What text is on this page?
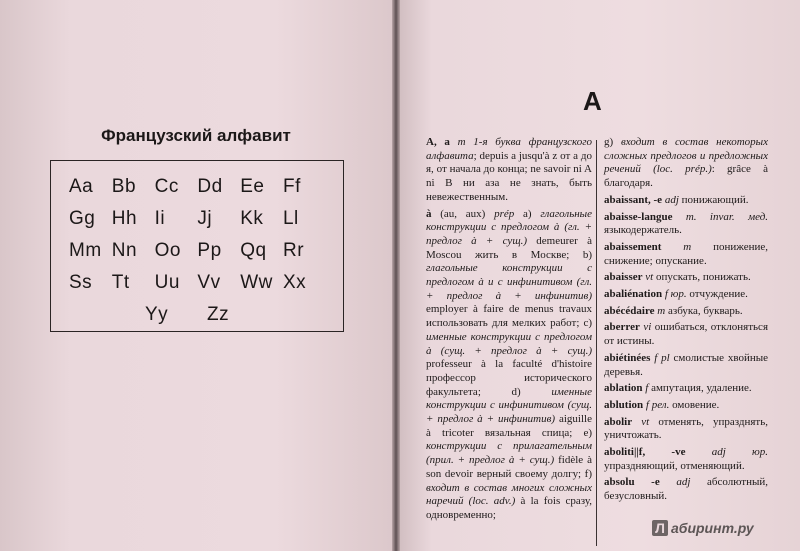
Французский алфавит
Aa Bb Cc Dd Ee Ff
Gg Hh Ii	Jj	Kk	Ll
Mm Nn Oo Pp Qq Rr
Ss	Tt	Uu Vv	Ww Xx
Yy	Zz
A

A, a m 1-я буква французского алфавита; depuis a jusqu'à z от а до я, от начала до конца; ne savoir ni A ni B ни аза не знать, быть невежественным.

à (au, aux) prép a) глагольные конструкции с предлогом à (гл. + предлог à + сущ.) demeurer à Moscou жить в Москве; b) глагольные конструкции с предлогом à и с инфинитивом (гл. + предлог à + инфинитив) employer à faire de menus travaux использовать для мелких работ; c) именные конструкции с предлогом à (сущ. + предлог à + сущ.) professeur à la faculté d'histoire профессор исторического факультета; d) именные конструкции с инфинитивом (сущ. + предлог à + инфинитив) aiguille à tricoter вязальная спица; e) конструкции с прилагательным (прил. + предлог à + сущ.) fidèle à son devoir верный своему долгу; f) входит в состав многих сложных наречий (loc. adv.) à la fois сразу, одновременно;

g) входит в состав некоторых сложных предлогов и предложных речений (loc. prép.): grâce à благодаря.

abaissant, -e adj понижающий.

abaisse-langue m. invar. мед. языкодержатель.

abaissement m понижение, снижение; опускание.

abaisser vt опускать, понижать.

abaliénation f юр. отчуждение.

abécédaire m азбука, букварь.

aberrer vi ошибаться, отклоняться от истины.

abiétinées f pl смолистые хвойные деревья.

ablation f ампутация, удаление.

ablution f рел. омовение.

abolir vt отменять, упразднять, уничтожать.

aboliti||f, -ve adj юр. упраздняющий, отменяющий.

absolu -e adj абсолютный, безусловный.

Л абиринт.ру
